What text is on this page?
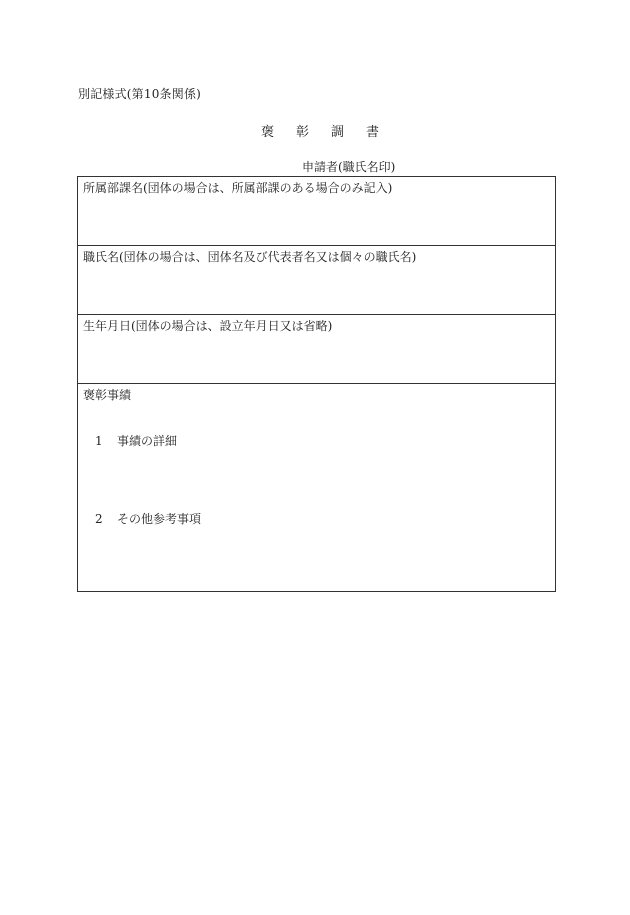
別記様式(第10条関係)
褒彰調書
申請者(職氏名印)
所属部課名(団体の場合は、所属部課のある場合のみ記入)
職氏名(団体の場合は、団体名及び代表者名又は個々の職氏名)
生年月日(団体の場合は、設立年月日又は省略)
褒彰事績
1 事績の詳細
2 その他参考事項
